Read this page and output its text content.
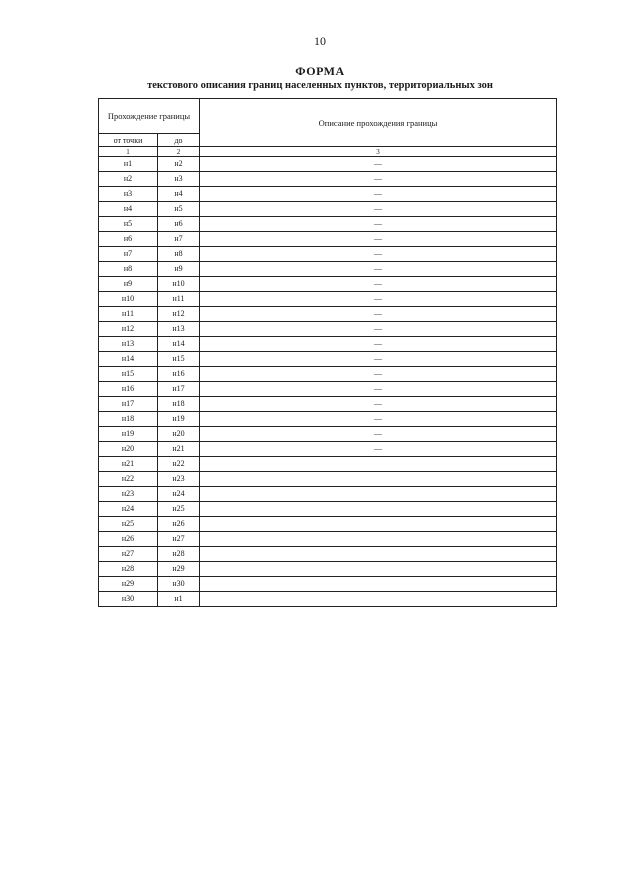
10
ФОРМА
текстового описания границ населенных пунктов, территориальных зон
Прохождение границы		Описание прохождения границы
от точки	до	
1	2	3
н1	н2	—
н2	н3	—
н3	н4	—
н4	н5	—
н5	н6	—
н6	н7	—
н7	н8	—
н8	н9	—
н9	н10	—
н10	н11	—
н11	н12	—
н12	н13	—
н13	н14	—
н14	н15	—
н15	н16	—
н16	н17	—
н17	н18	—
н18	н19	—
н19	н20	—
н20	н21	—
н21	н22	
н22	н23	
н23	н24	
н24	н25	
н25	н26	
н26	н27	
н27	н28	
н28	н29	
н29	н30	
н30	н1	
